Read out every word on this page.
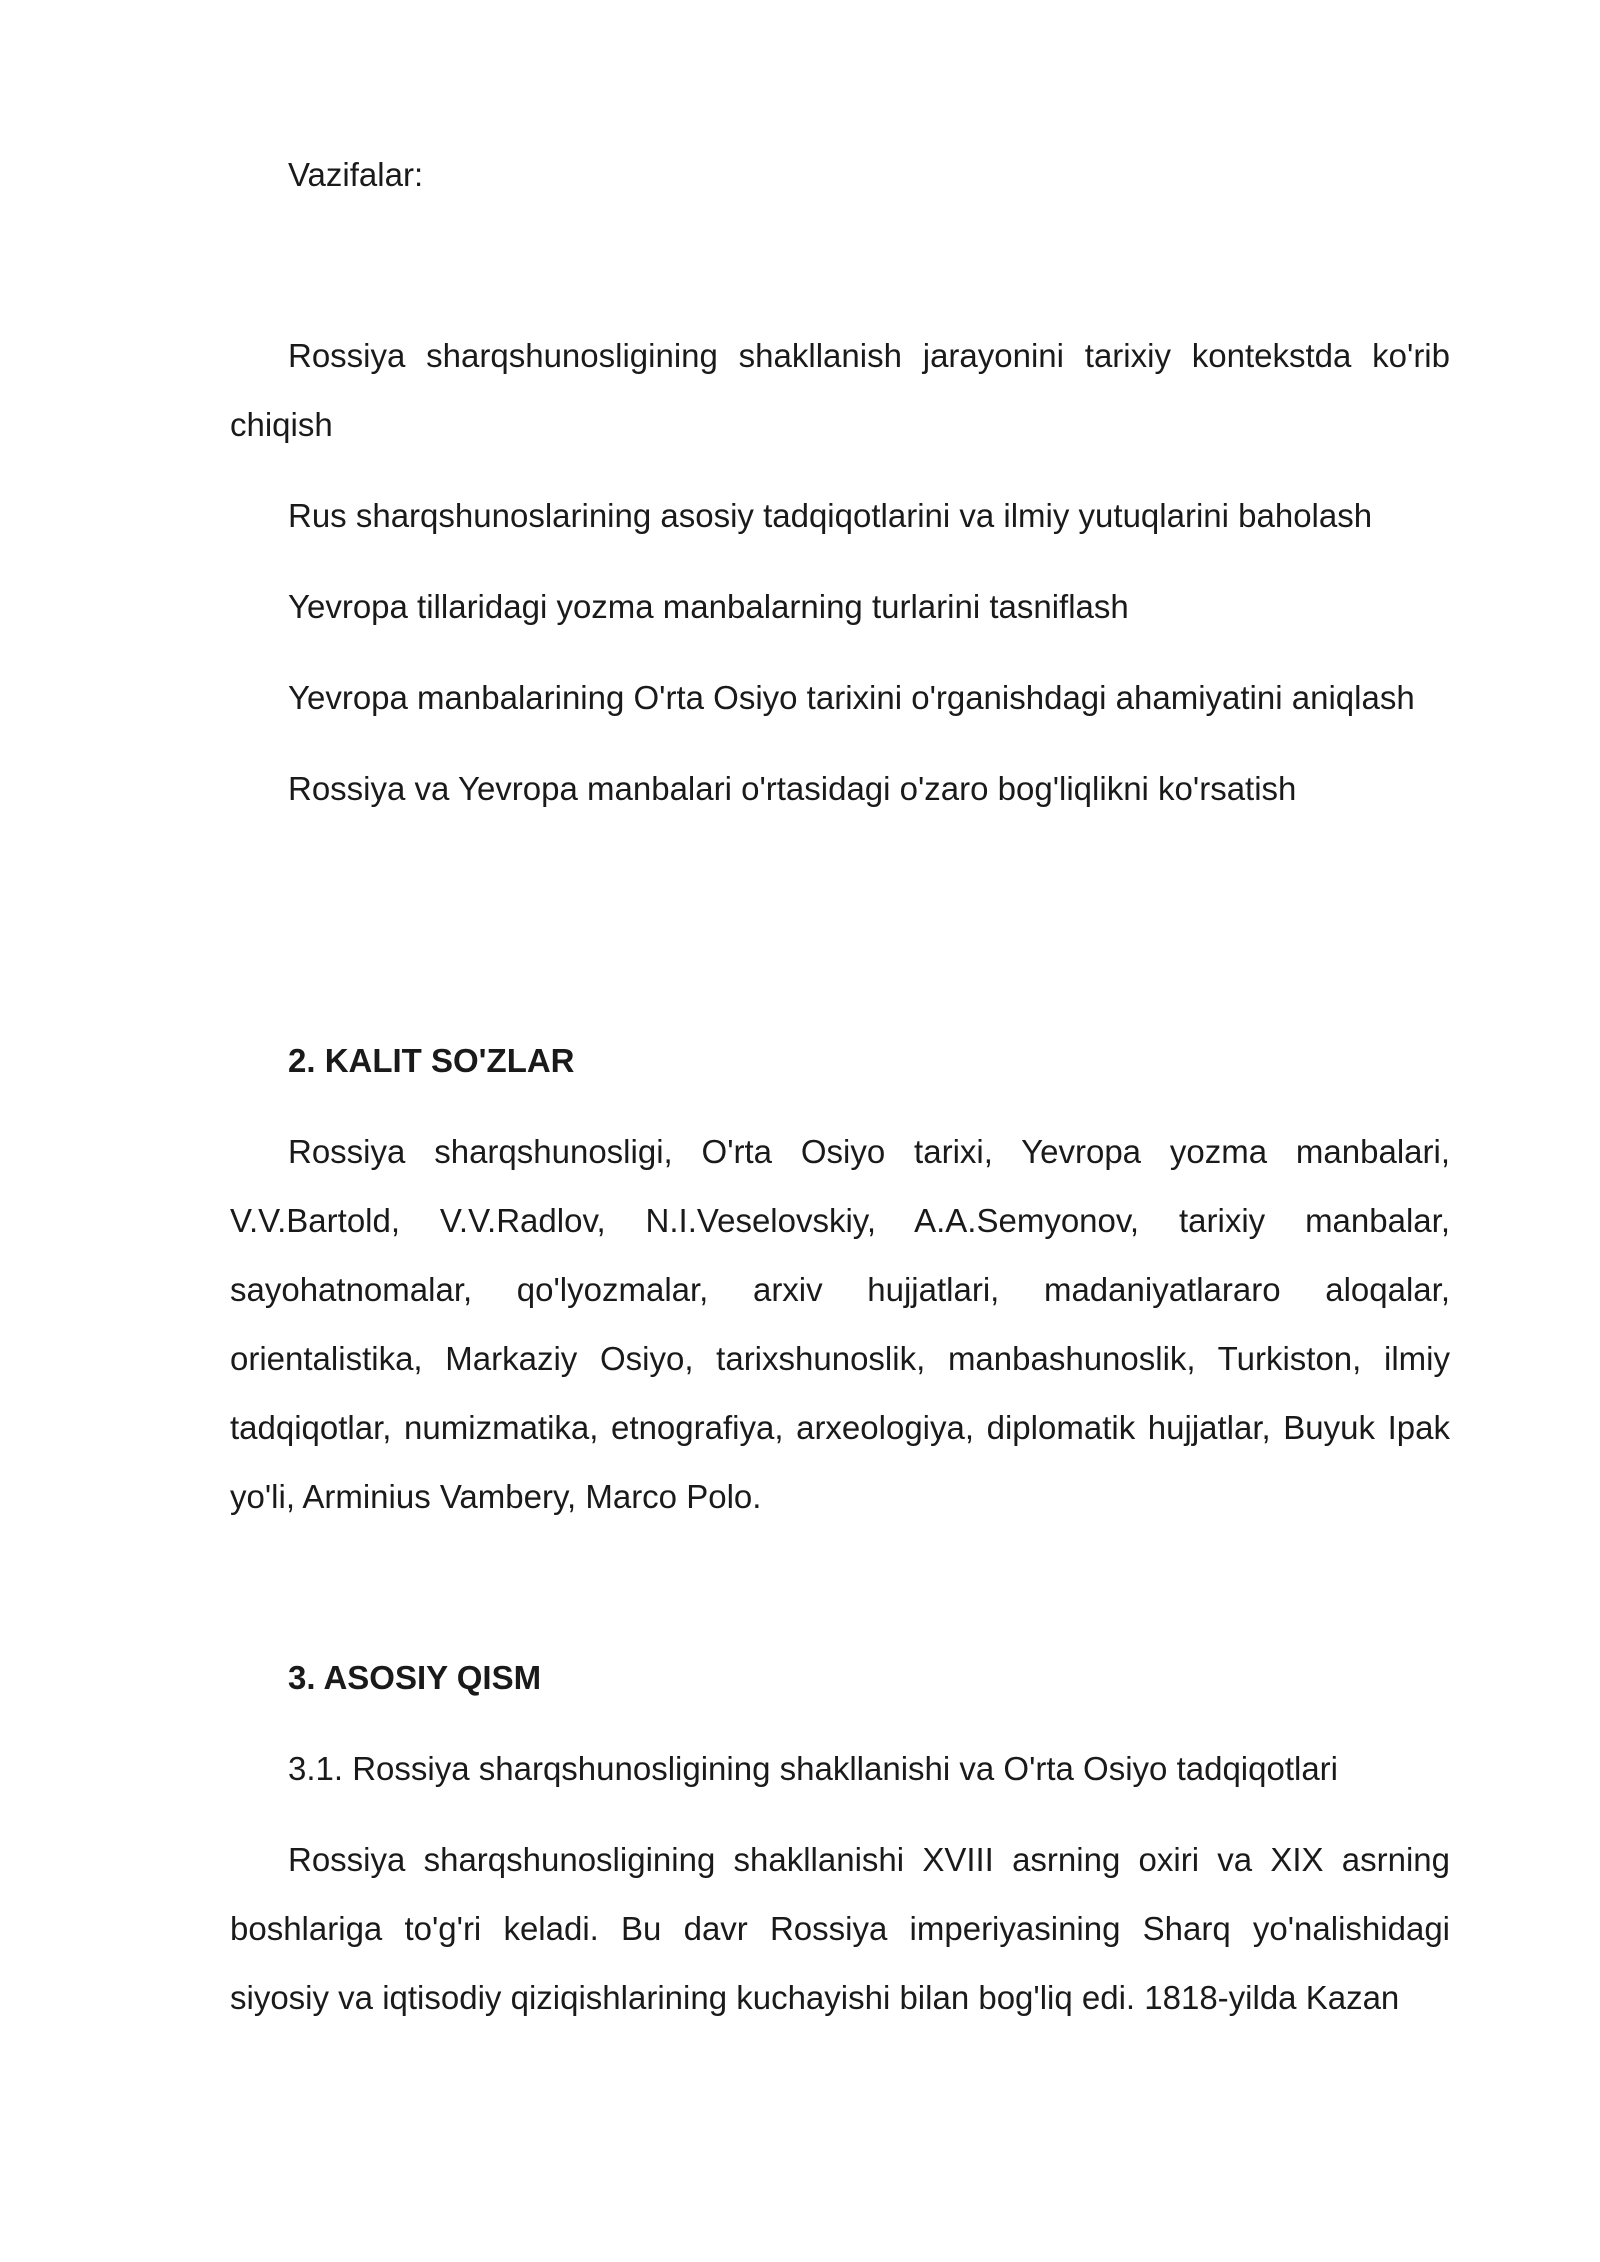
Vazifalar:

Rossiya sharqshunosligining shakllanish jarayonini tarixiy kontekstda ko'rib chiqish

Rus sharqshunoslarining asosiy tadqiqotlarini va ilmiy yutuqlarini baholash

Yevropa tillaridagi yozma manbalarning turlarini tasniflash

Yevropa manbalarining O'rta Osiyo tarixini o'rganishdagi ahamiyatini aniqlash

Rossiya va Yevropa manbalari o'rtasidagi o'zaro bog'liqlikni ko'rsatish

2. KALIT SO'ZLAR

Rossiya sharqshunosligi, O'rta Osiyo tarixi, Yevropa yozma manbalari, V.V.Bartold, V.V.Radlov, N.I.Veselovskiy, A.A.Semyonov, tarixiy manbalar, sayohatnomalar, qo'lyozmalar, arxiv hujjatlari, madaniyatlararo aloqalar, orientalistika, Markaziy Osiyo, tarixshunoslik, manbashunoslik, Turkiston, ilmiy tadqiqotlar, numizmatika, etnografiya, arxeologiya, diplomatik hujjatlar, Buyuk Ipak yo'li, Arminius Vambery, Marco Polo.

3. ASOSIY QISM

3.1. Rossiya sharqshunosligining shakllanishi va O'rta Osiyo tadqiqotlari

Rossiya sharqshunosligining shakllanishi XVIII asrning oxiri va XIX asrning boshlariga to'g'ri keladi. Bu davr Rossiya imperiyasining Sharq yo'nalishidagi siyosiy va iqtisodiy qiziqishlarining kuchayishi bilan bog'liq edi. 1818-yilda Kazan
